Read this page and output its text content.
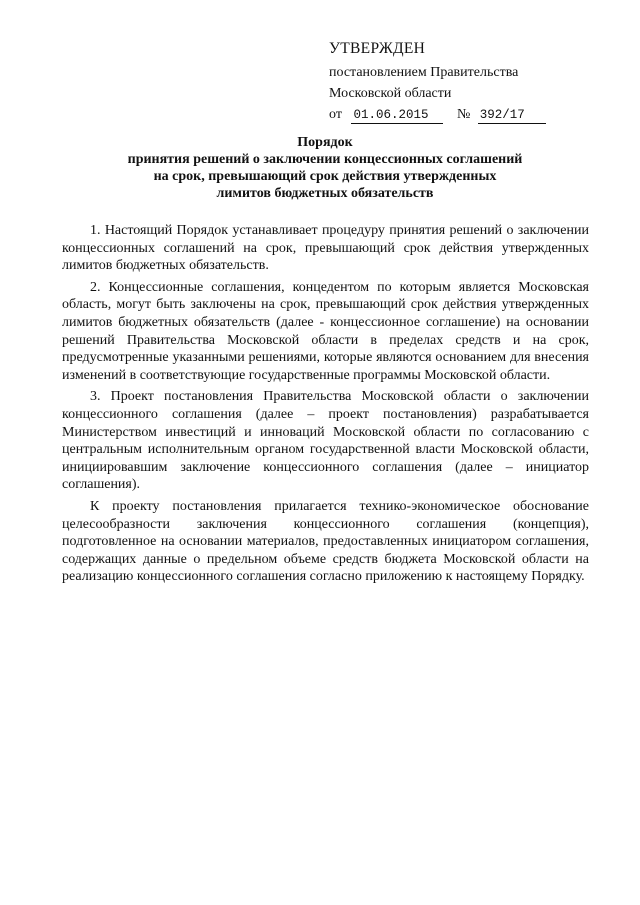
УТВЕРЖДЕН
постановлением Правительства
Московской области
от 01.06.2015 № 392/17
Порядок
принятия решений о заключении концессионных соглашений
на срок, превышающий срок действия утвержденных
лимитов бюджетных обязательств

1. Настоящий Порядок устанавливает процедуру принятия решений о заключении концессионных соглашений на срок, превышающий срок действия утвержденных лимитов бюджетных обязательств.

2. Концессионные соглашения, концедентом по которым является Московская область, могут быть заключены на срок, превышающий срок действия утвержденных лимитов бюджетных обязательств (далее - концессионное соглашение) на основании решений Правительства Московской области в пределах средств и на срок, предусмотренные указанными решениями, которые являются основанием для внесения изменений в соответствующие государственные программы Московской области.

3. Проект постановления Правительства Московской области о заключении концессионного соглашения (далее – проект постановления) разрабатывается Министерством инвестиций и инноваций Московской области по согласованию с центральным исполнительным органом государственной власти Московской области, инициировавшим заключение концессионного соглашения (далее – инициатор соглашения).

К проекту постановления прилагается технико-экономическое обоснование целесообразности заключения концессионного соглашения (концепция), подготовленное на основании материалов, предоставленных инициатором соглашения, содержащих данные о предельном объеме средств бюджета Московской области на реализацию концессионного соглашения согласно приложению к настоящему Порядку.
